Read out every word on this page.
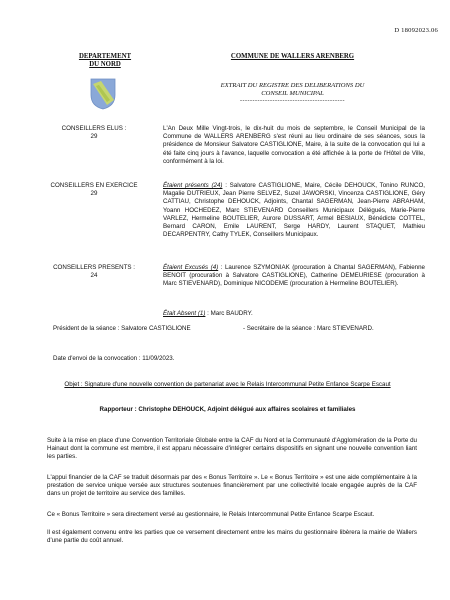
D 18092023.06
DEPARTEMENT
DU NORD
COMMUNE DE WALLERS ARENBERG
EXTRAIT DU REGISTRE DES DELIBERATIONS DU
CONSEIL MUNICIPAL
------------------------------------------
CONSEILLERS ELUS :
29
L'An Deux Mille Vingt-trois, le dix-huit du mois de septembre, le Conseil Municipal de la Commune de WALLERS ARENBERG s'est réuni au lieu ordinaire de ses séances, sous la présidence de Monsieur Salvatore CASTIGLIONE, Maire, à la suite de la convocation qui lui a été faite cinq jours à l'avance, laquelle convocation a été affichée à la porte de l'Hôtel de Ville, conformément à la loi.
CONSEILLERS EN EXERCICE
29
Étaient présents (24) : Salvatore CASTIGLIONE, Maire, Cécile DEHOUCK, Tonino RUNCO, Magalie DUTRIEUX, Jean Pierre SELVEZ, Suzel JAWORSKI, Vincenza CASTIGLIONE, Géry CATTIAU, Christophe DEHOUCK, Adjoints, Chantal SAGERMAN, Jean-Pierre ABRAHAM, Yoann HOCHEDEZ, Marc STIEVENARD Conseillers Municipaux Délégués, Marie-Pierre VARLEZ, Hermeline BOUTELIER, Aurore DUSSART, Armel BESIAUX, Bénédicte COTTEL, Bernard CARON, Emile LAURENT, Serge HARDY, Laurent STAQUET, Mathieu DECARPENTRY, Cathy TYLEK, Conseillers Municipaux.
CONSEILLERS PRESENTS :
24
Étaient Excusés (4) : Laurence SZYMONIAK (procuration à Chantal SAGERMAN), Fabienne BENOIT (procuration à Salvatore CASTIGLIONE), Catherine DEMEURIESE (procuration à Marc STIEVENARD), Dominique NICODEME (procuration à Hermeline BOUTELIER).
Était Absent (1) : Marc BAUDRY.
Président de la séance : Salvatore CASTIGLIONE	- Secrétaire de la séance : Marc STIEVENARD.
Date d'envoi de la convocation : 11/09/2023.
Objet : Signature d'une nouvelle convention de partenariat avec le Relais Intercommunal Petite Enfance Scarpe Escaut
Rapporteur : Christophe DEHOUCK, Adjoint délégué aux affaires scolaires et familiales
Suite à la mise en place d'une Convention Territoriale Globale entre la CAF du Nord et la Communauté d'Agglomération de la Porte du Hainaut dont la commune est membre, il est apparu nécessaire d'intégrer certains dispositifs en signant une nouvelle convention liant les parties.
L'appui financier de la CAF se traduit désormais par des « Bonus Territoire ». Le « Bonus Territoire » est une aide complémentaire à la prestation de service unique versée aux structures soutenues financièrement par une collectivité locale engagée auprès de la CAF dans un projet de territoire au service des familles.
Ce « Bonus Territoire » sera directement versé au gestionnaire, le Relais Intercommunal Petite Enfance Scarpe Escaut.
Il est également convenu entre les parties que ce versement directement entre les mains du gestionnaire libèrera la mairie de Wallers d'une partie du coût annuel.
